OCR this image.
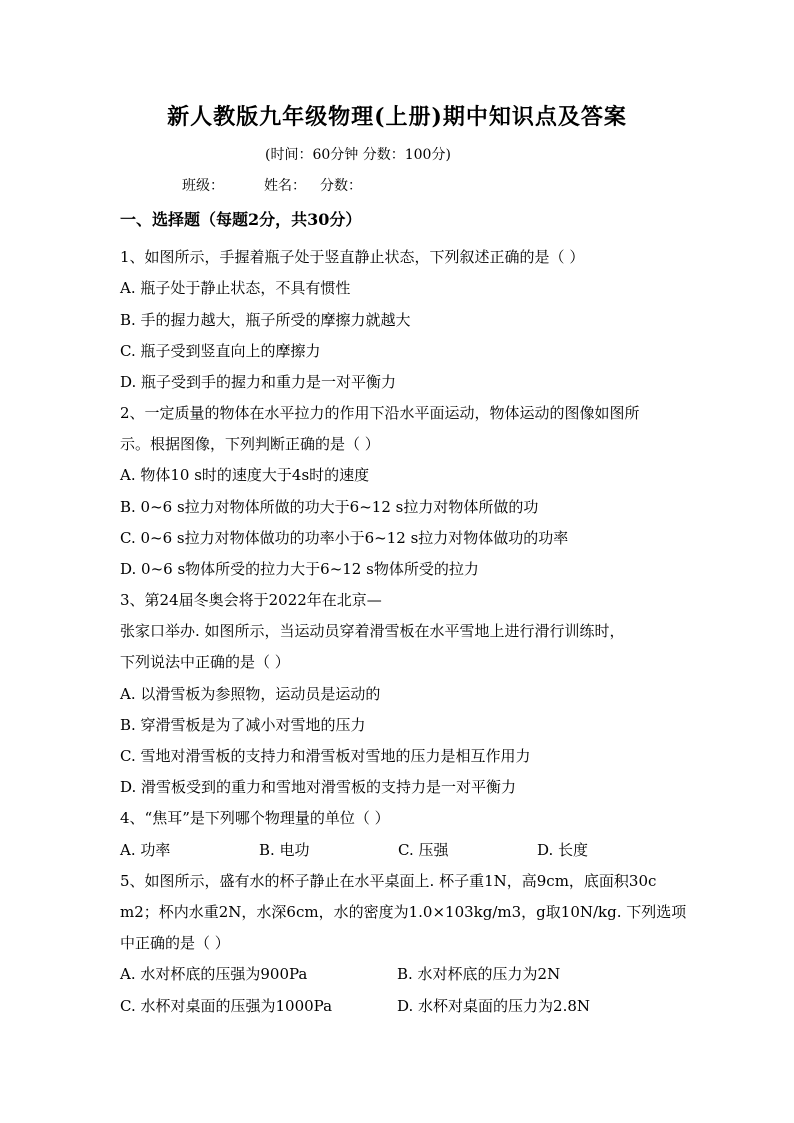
新人教版九年级物理(上册)期中知识点及答案
(时间：60分钟 分数：100分)
班级：	姓名： 分数：
一、选择题（每题2分，共30分）
1、如图所示，手握着瓶子处于竖直静止状态，下列叙述正确的是（ ）
A. 瓶子处于静止状态，不具有惯性
B. 手的握力越大，瓶子所受的摩擦力就越大
C. 瓶子受到竖直向上的摩擦力
D. 瓶子受到手的握力和重力是一对平衡力
2、一定质量的物体在水平拉力的作用下沿水平面运动，物体运动的图像如图所
示。根据图像，下列判断正确的是（ ）
A. 物体10 s时的速度大于4s时的速度
B. 0~6 s拉力对物体所做的功大于6~12 s拉力对物体所做的功
C. 0~6 s拉力对物体做功的功率小于6~12 s拉力对物体做功的功率
D. 0~6 s物体所受的拉力大于6~12 s物体所受的拉力
3、第24届冬奥会将于2022年在北京—
张家口举办. 如图所示，当运动员穿着滑雪板在水平雪地上进行滑行训练时，
下列说法中正确的是（ ）
A. 以滑雪板为参照物，运动员是运动的
B. 穿滑雪板是为了减小对雪地的压力
C. 雪地对滑雪板的支持力和滑雪板对雪地的压力是相互作用力
D. 滑雪板受到的重力和雪地对滑雪板的支持力是一对平衡力
4、“焦耳”是下列哪个物理量的单位（ ）
A. 功率	B. 电功	C. 压强	D. 长度
5、如图所示，盛有水的杯子静止在水平桌面上. 杯子重1N，高9cm，底面积30c
m2；杯内水重2N，水深6cm，水的密度为1.0×103kg/m3，g取10N/kg. 下列选项
中正确的是（ ）
A. 水对杯底的压强为900Pa	B. 水对杯底的压力为2N
C. 水杯对桌面的压强为1000Pa	D. 水杯对桌面的压力为2.8N
